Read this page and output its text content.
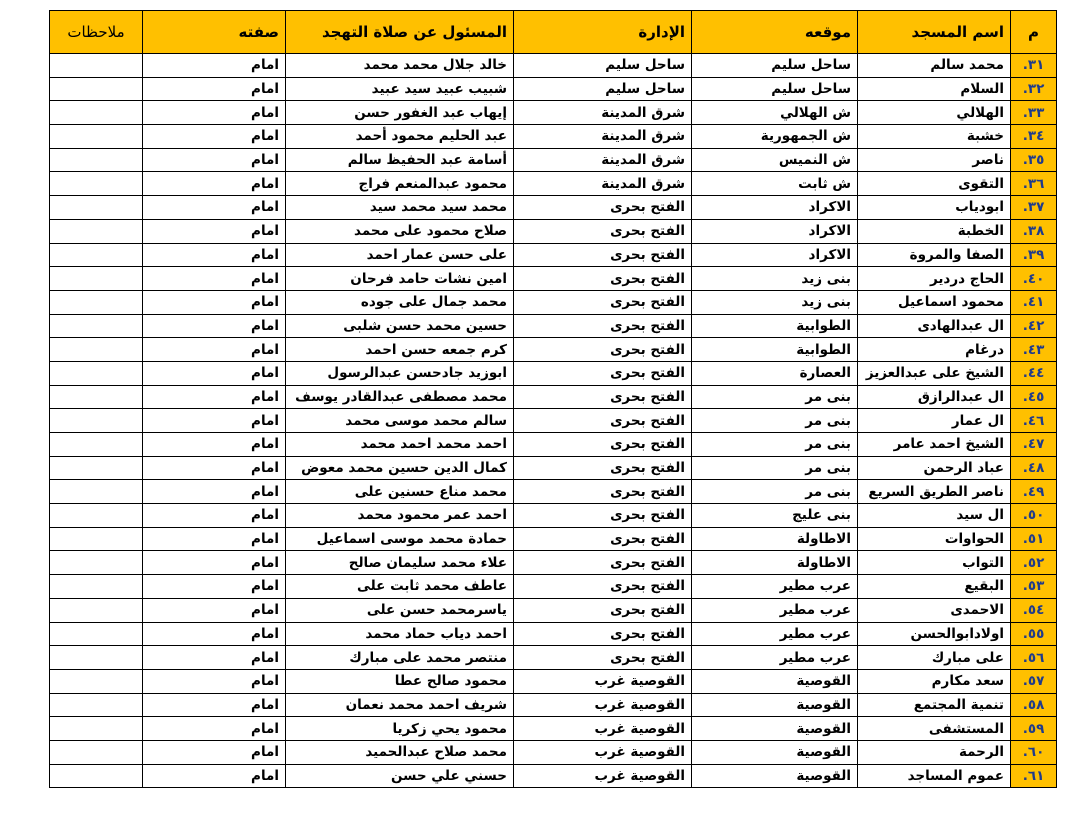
م	اسم المسجد	موقعه	الإدارة	المسئول عن صلاة التهجد	صفته	ملاحظات
٣١.	محمد سالم	ساحل سليم	ساحل سليم	خالد جلال محمد محمد	امام	
٣٢.	السلام	ساحل سليم	ساحل سليم	شبيب عبيد سيد عبيد	امام	
٣٣.	الهلالي	ش الهلالي	شرق المدينة	إيهاب عبد الغفور حسن	امام	
٣٤.	خشبة	ش الجمهورية	شرق المدينة	عبد الحليم محمود أحمد	امام	
٣٥.	ناصر	ش النميس	شرق المدينة	أسامة عبد الحفيظ سالم	امام	
٣٦.	التقوى	ش ثابت	شرق المدينة	محمود عبدالمنعم فراج	امام	
٣٧.	ابودياب	الاكراد	الفتح بحرى	محمد سيد محمد سيد	امام	
٣٨.	الخطبة	الاكراد	الفتح بحرى	صلاح محمود على محمد	امام	
٣٩.	الصفا والمروة	الاكراد	الفتح بحرى	على حسن عمار احمد	امام	
٤٠.	الحاج دردير	بنى زيد	الفتح بحرى	امين نشات حامد فرحان	امام	
٤١.	محمود اسماعيل	بنى زيد	الفتح بحرى	محمد جمال على جوده	امام	
٤٢.	ال عبدالهادى	الطوابية	الفتح بحرى	حسين محمد حسن شلبى	امام	
٤٣.	درغام	الطوابية	الفتح بحرى	كرم جمعه حسن احمد	امام	
٤٤.	الشيخ على عبدالعزيز	العصارة	الفتح بحرى	ابوزيد جادحسن عبدالرسول	امام	
٤٥.	ال عبدالرازق	بنى مر	الفتح بحرى	محمد مصطفى عبدالقادر يوسف	امام	
٤٦.	ال عمار	بنى مر	الفتح بحرى	سالم محمد موسى محمد	امام	
٤٧.	الشيخ احمد عامر	بنى مر	الفتح بحرى	احمد محمد احمد محمد	امام	
٤٨.	عباد الرحمن	بنى مر	الفتح بحرى	كمال الدين حسين محمد معوض	امام	
٤٩.	ناصر الطريق السريع	بنى مر	الفتح بحرى	محمد مناع حسنين على	امام	
٥٠.	ال سيد	بنى عليج	الفتح بحرى	احمد عمر محمود محمد	امام	
٥١.	الحواوات	الاطاولة	الفتح بحرى	حمادة محمد موسى اسماعيل	امام	
٥٢.	التواب	الاطاولة	الفتح بحرى	علاء محمد سليمان صالح	امام	
٥٣.	البقيع	عرب مطير	الفتح بحرى	عاطف محمد ثابت على	امام	
٥٤.	الاحمدى	عرب مطير	الفتح بحرى	ياسرمحمد حسن على	امام	
٥٥.	اولادابوالحسن	عرب مطير	الفتح بحرى	احمد دياب حماد محمد	امام	
٥٦.	على مبارك	عرب مطير	الفتح بحرى	منتصر محمد على مبارك	امام	
٥٧.	سعد مكارم	القوصية	القوصية غرب	محمود صالح عطا	امام	
٥٨.	تنمية المجتمع	القوصية	القوصية غرب	شريف احمد محمد نعمان	امام	
٥٩.	المستشفى	القوصية	القوصية غرب	محمود يحي زكريا	امام	
٦٠.	الرحمة	القوصية	القوصية غرب	محمد صلاح عبدالحميد	امام	
٦١.	عموم المساجد	القوصية	القوصية غرب	حسني علي حسن	امام	
